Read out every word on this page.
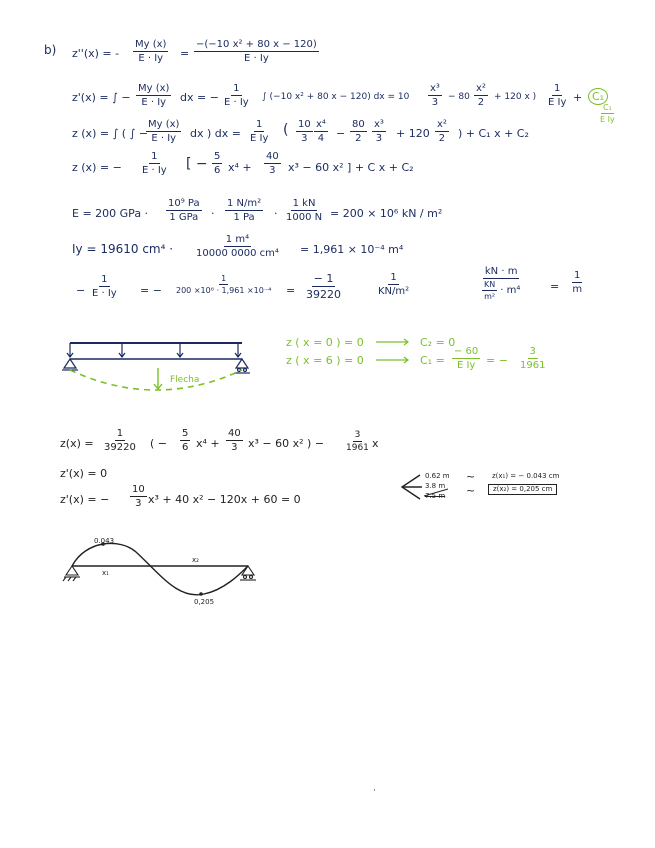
b) z''(x) = -
My (x)
E · Iy =
−(−10 x² + 80 x − 120)
E · Iy
z'(x) = ∫ −
My (x)
E · Iy dx = −
1
E · Iy ∫ (−10 x² + 80 x − 120) dx = 10
x³
3 − 80
x²
2 + 120 x )
1
E Iy + C₁
C₁
E Iy
z (x) = ∫ ( ∫ −
My (x)
E · Iy dx ) dx =
1
E Iy
( 10
3
x⁴
4 −
80
2
x³
3 + 120
x²
2 ) + C₁ x + C₂
z (x) = −
1
E · Iy [ − 5
6 x⁴ +
40
3 x³ − 60 x² ] + C x + C₂
E = 200 GPa ·
10⁹ Pa
1 GPa ·
1 N/m²
1 Pa ·
1 kN
1000 N = 200 × 10⁶ kN / m²
Iy = 19610 cm⁴ ·
1 m⁴
10000 0000 cm⁴ = 1,961 × 10⁻⁴ m⁴
−
1
E · Iy = −
1
200 ×10⁶ · 1,961 ×10⁻⁴ =
− 1
39220
1
KN/m²
kN · m
KN
m²
· m⁴	=
1
m
Flecha
z ( x = 0 ) = 0	C₂ = 0
z ( x = 6 ) = 0	C₁ =
− 60
E Iy = −
3
1961
z(x) =
1
39220 ( −
5
6 x⁴ +
40
3 x³ − 60 x² ) −
3
1961 x
z'(x) = 0
z'(x) = −
10
3 x³ + 40 x² − 120x + 60 = 0
0.62 m
3.8 m
7.5 m
~
~
z(x₁) = − 0.043 cm
z(x₂) = 0,205 cm
0.043
x₁
x₂
0,205
·
